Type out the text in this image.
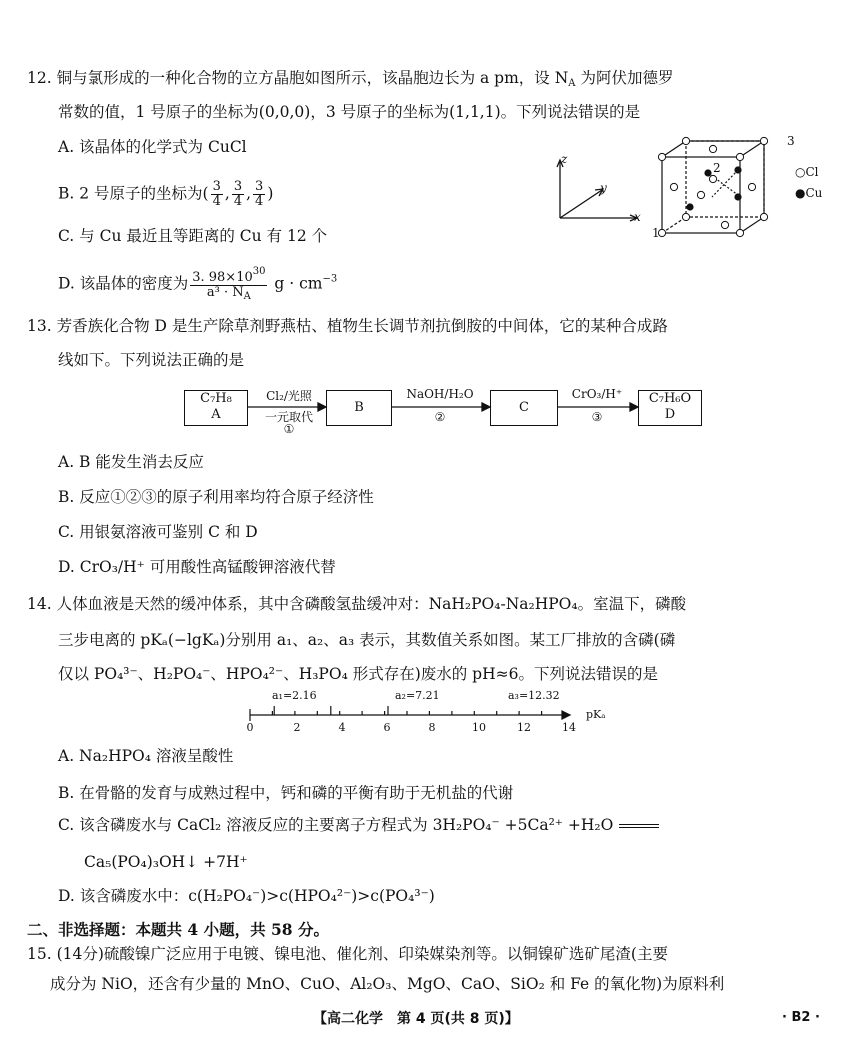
12. 铜与氯形成的一种化合物的立方晶胞如图所示，该晶胞边长为 a pm，设 $N_A$ 为阿伏加德罗
常数的值，1 号原子的坐标为(0,0,0)，3 号原子的坐标为(1,1,1)。下列说法错误的是
A. 该晶体的化学式为 CuCl
B. 2 号原子的坐标为( $\frac{3}{4}$ , $\frac{3}{4}$ , $\frac{3}{4}$ )
C. 与 Cu 最近且等距离的 Cu 有 12 个
D. 该晶体的密度为 $\frac{3. 98\times 10^{30}}{a^3 \cdot N_A}$ $g \cdot cm^{-3}$
z
y
x
3
2
1
○Cl
●Cu
13. 芳香族化合物 D 是生产除草剂野燕枯、植物生长调节剂抗倒胺的中间体，它的某种合成路
线如下。下列说法正确的是
C₇H₈
A
Cl₂/光照
一元取代
①
B
NaOH/H₂O
②
C
CrO₃/H⁺
③
C₇H₆O
D
A. B 能发生消去反应
B. 反应①②③的原子利用率均符合原子经济性
C. 用银氨溶液可鉴别 C 和 D
D. CrO₃/H⁺ 可用酸性高锰酸钾溶液代替
14. 人体血液是天然的缓冲体系，其中含磷酸氢盐缓冲对：NaH₂PO₄-Na₂HPO₄。室温下，磷酸
三步电离的 pKₐ(−lgKₐ)分别用 a₁、a₂、a₃ 表示，其数值关系如图。某工厂排放的含磷(磷
仅以 PO₄³⁻、H₂PO₄⁻、HPO₄²⁻、H₃PO₄ 形式存在)废水的 pH≈6。下列说法错误的是
0	2	4	6	8	10	12	14
pKₐ
a₁=2.16	a₂=7.21	a₃=12.32
A. Na₂HPO₄ 溶液呈酸性
B. 在骨骼的发育与成熟过程中，钙和磷的平衡有助于无机盐的代谢
C. 该含磷废水与 CaCl₂ 溶液反应的主要离子方程式为 3H₂PO₄⁻ +5Ca²⁺ +H₂O
Ca₅(PO₄)₃OH↓ +7H⁺
D. 该含磷废水中：c(H₂PO₄⁻)>c(HPO₄²⁻)>c(PO₄³⁻)
二、非选择题：本题共 4 小题，共 58 分。
15. (14分)硫酸镍广泛应用于电镀、镍电池、催化剂、印染媒染剂等。以铜镍矿选矿尾渣(主要
成分为 NiO，还含有少量的 MnO、CuO、Al₂O₃、MgO、CaO、SiO₂ 和 Fe 的氧化物)为原料利
【高二化学　第 4 页(共 8 页)】	· B2 ·
